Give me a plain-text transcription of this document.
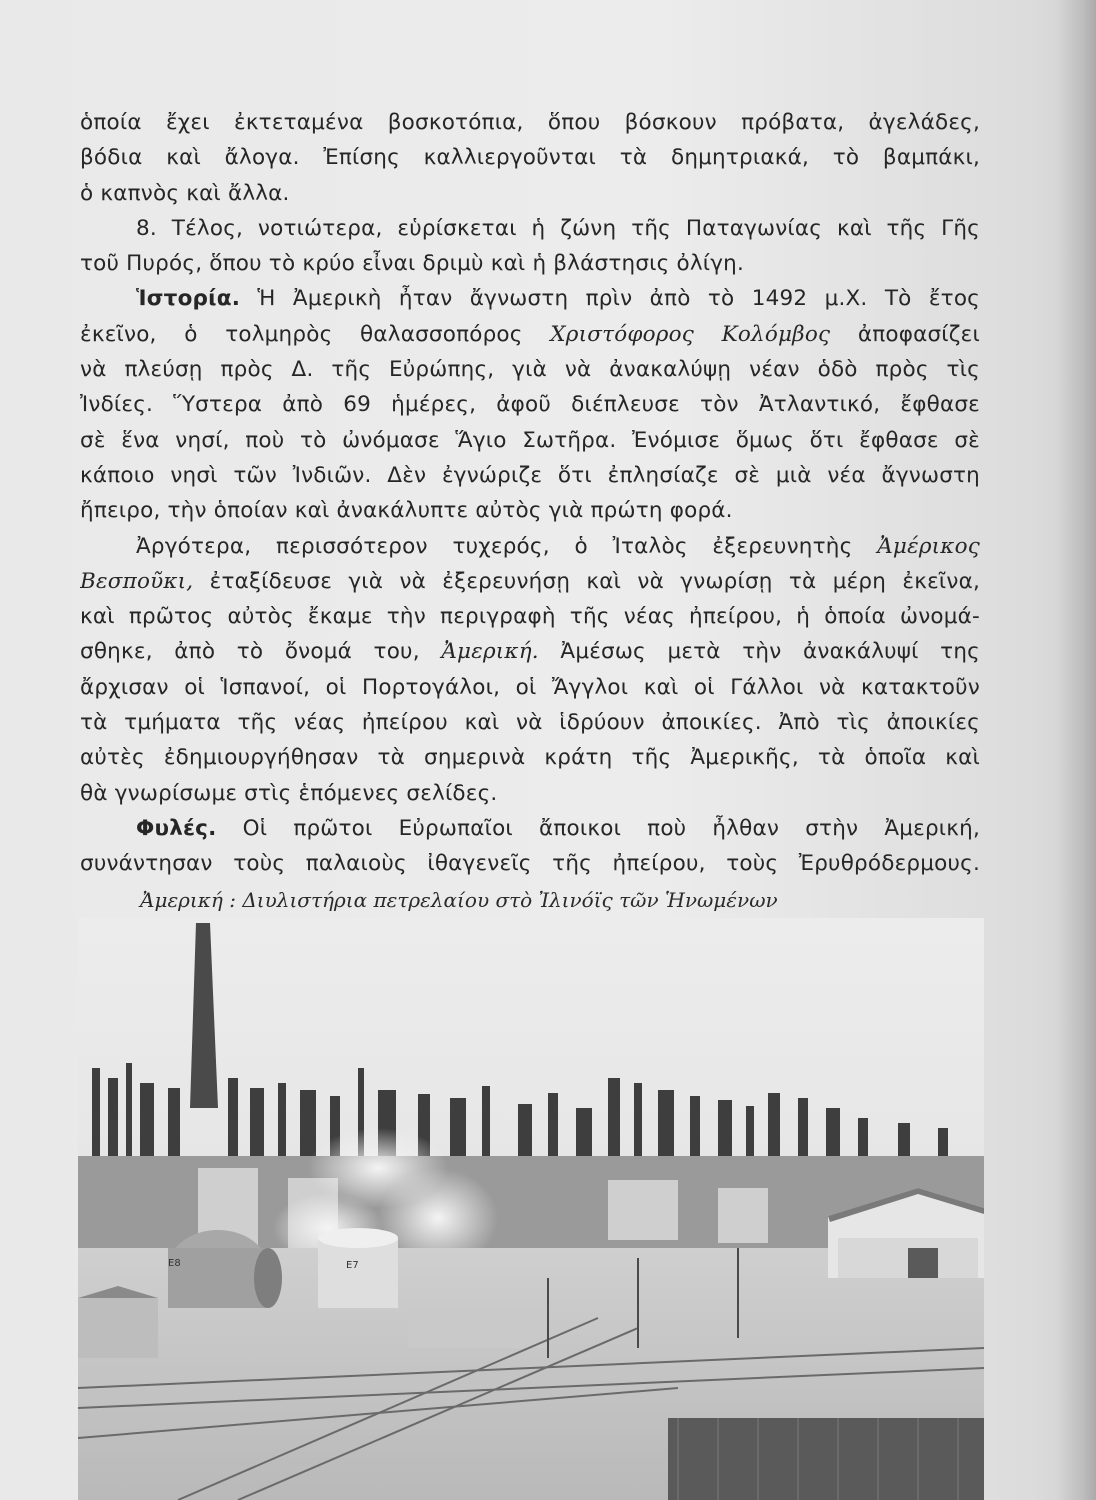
ὁποία ἔχει ἐκτεταμένα βοσκοτόπια, ὅπου βόσκουν πρόβατα, ἀγελάδες,
βόδια καὶ ἄλογα. Ἐπίσης καλλιεργοῦνται τὰ δημητριακά, τὸ βαμπάκι,
ὁ καπνὸς καὶ ἄλλα.
8. Τέλος, νοτιώτερα, εὑρίσκεται ἡ ζώνη τῆς Παταγωνίας καὶ τῆς Γῆς
τοῦ Πυρός, ὅπου τὸ κρύο εἶναι δριμὺ καὶ ἡ βλάστησις ὀλίγη.
Ἱστορία. Ἡ Ἀμερικὴ ἦταν ἄγνωστη πρὶν ἀπὸ τὸ 1492 μ.Χ. Τὸ ἔτος
ἐκεῖνο, ὁ τολμηρὸς θαλασσοπόρος Χριστόφορος Κολόμβος ἀποφασίζει
νὰ πλεύσῃ πρὸς Δ. τῆς Εὐρώπης, γιὰ νὰ ἀνακαλύψῃ νέαν ὁδὸ πρὸς τὶς
Ἰνδίες. Ὕστερα ἀπὸ 69 ἡμέρες, ἀφοῦ διέπλευσε τὸν Ἀτλαντικό, ἔφθασε
σὲ ἕνα νησί, ποὺ τὸ ὠνόμασε Ἅγιο Σωτῆρα. Ἐνόμισε ὅμως ὅτι ἔφθασε σὲ
κάποιο νησὶ τῶν Ἰνδιῶν. Δὲν ἐγνώριζε ὅτι ἐπλησίαζε σὲ μιὰ νέα ἄγνωστη
ἤπειρο, τὴν ὁποίαν καὶ ἀνακάλυπτε αὐτὸς γιὰ πρώτη φορά.
Ἀργότερα, περισσότερον τυχερός, ὁ Ἰταλὸς ἐξερευνητὴς Ἀμέρικος
Βεσποῦκι, ἐταξίδευσε γιὰ νὰ ἐξερευνήσῃ καὶ νὰ γνωρίσῃ τὰ μέρη ἐκεῖνα,
καὶ πρῶτος αὐτὸς ἔκαμε τὴν περιγραφὴ τῆς νέας ἠπείρου, ἡ ὁποία ὠνομά-
σθηκε, ἀπὸ τὸ ὄνομά του, Ἀμερική. Ἀμέσως μετὰ τὴν ἀνακάλυψί της
ἄρχισαν οἱ Ἱσπανοί, οἱ Πορτογάλοι, οἱ Ἄγγλοι καὶ οἱ Γάλλοι νὰ κατακτοῦν
τὰ τμήματα τῆς νέας ἠπείρου καὶ νὰ ἱδρύουν ἀποικίες. Ἀπὸ τὶς ἀποικίες
αὐτὲς ἐδημιουργήθησαν τὰ σημερινὰ κράτη τῆς Ἀμερικῆς, τὰ ὁποῖα καὶ
θὰ γνωρίσωμε στὶς ἑπόμενες σελίδες.
Φυλές. Οἱ πρῶτοι Εὐρωπαῖοι ἄποικοι ποὺ ἦλθαν στὴν Ἀμερική,
συνάντησαν τοὺς παλαιοὺς ἰθαγενεῖς τῆς ἠπείρου, τοὺς Ἐρυθρόδερμους.
Ἀμερική : Διυλιστήρια πετρελαίου στὸ Ἰλινόϊς τῶν Ἡνωμένων
E8	E7
